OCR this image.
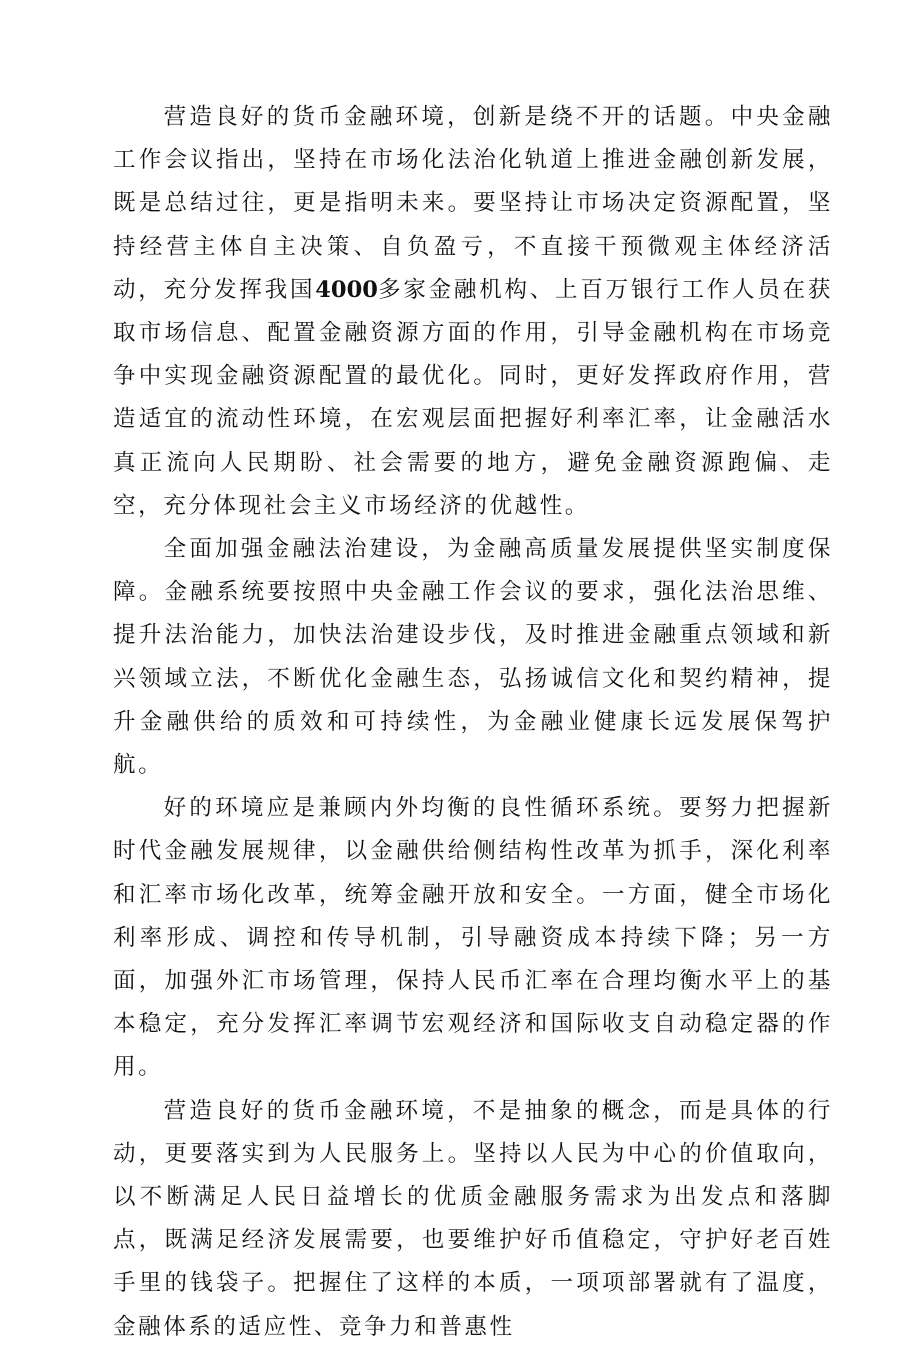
营造良好的货币金融环境，创新是绕不开的话题。中央金融工作会议指出，坚持在市场化法治化轨道上推进金融创新发展，既是总结过往，更是指明未来。要坚持让市场决定资源配置，坚持经营主体自主决策、自负盈亏，不直接干预微观主体经济活动，充分发挥我国4000多家金融机构、上百万银行工作人员在获取市场信息、配置金融资源方面的作用，引导金融机构在市场竞争中实现金融资源配置的最优化。同时，更好发挥政府作用，营造适宜的流动性环境，在宏观层面把握好利率汇率，让金融活水真正流向人民期盼、社会需要的地方，避免金融资源跑偏、走空，充分体现社会主义市场经济的优越性。

全面加强金融法治建设，为金融高质量发展提供坚实制度保障。金融系统要按照中央金融工作会议的要求，强化法治思维、提升法治能力，加快法治建设步伐，及时推进金融重点领域和新兴领域立法，不断优化金融生态，弘扬诚信文化和契约精神，提升金融供给的质效和可持续性，为金融业健康长远发展保驾护航。

好的环境应是兼顾内外均衡的良性循环系统。要努力把握新时代金融发展规律，以金融供给侧结构性改革为抓手，深化利率和汇率市场化改革，统筹金融开放和安全。一方面，健全市场化利率形成、调控和传导机制，引导融资成本持续下降；另一方面，加强外汇市场管理，保持人民币汇率在合理均衡水平上的基本稳定，充分发挥汇率调节宏观经济和国际收支自动稳定器的作用。

营造良好的货币金融环境，不是抽象的概念，而是具体的行动，更要落实到为人民服务上。坚持以人民为中心的价值取向，以不断满足人民日益增长的优质金融服务需求为出发点和落脚点，既满足经济发展需要，也要维护好币值稳定，守护好老百姓手里的钱袋子。把握住了这样的本质，一项项部署就有了温度，金融体系的适应性、竞争力和普惠性
